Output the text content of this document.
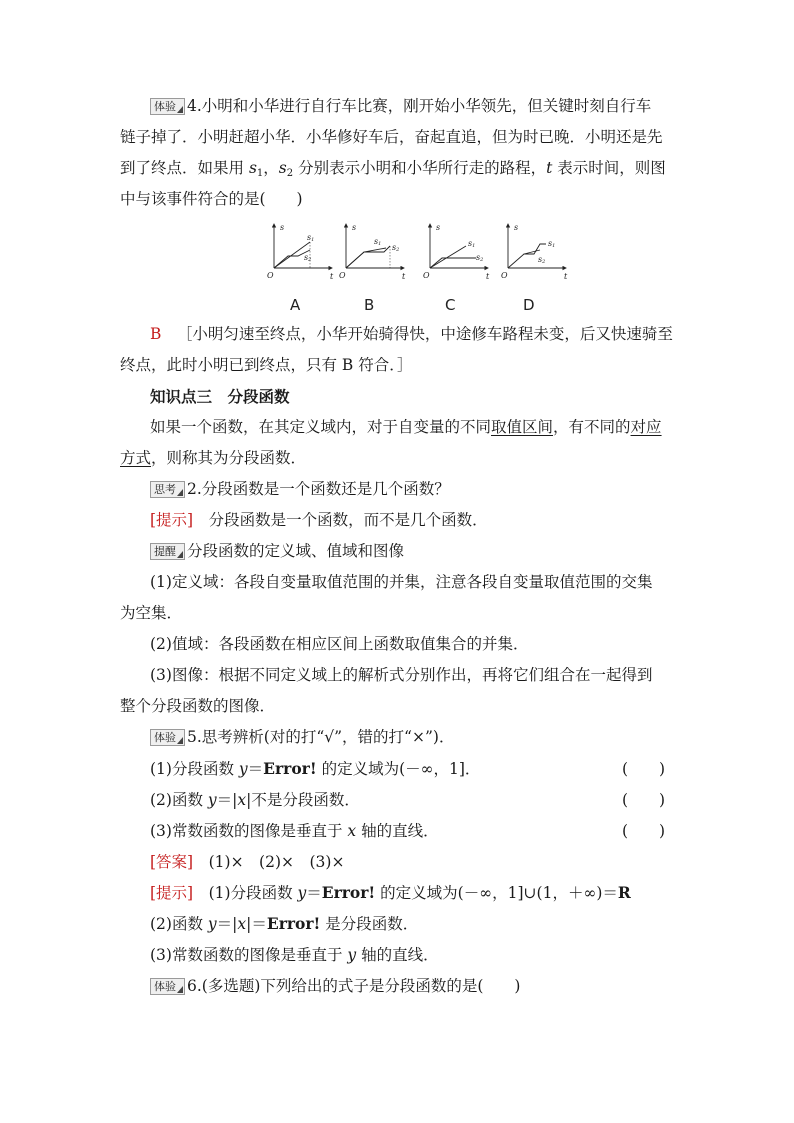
体验 4.小明和小华进行自行车比赛，刚开始小华领先，但关键时刻自行车
链子掉了．小明赶超小华．小华修好车后，奋起直追，但为时已晚．小明还是先
到了终点．如果用 $s_1$，$s_2$ 分别表示小明和小华所行走的路程，t 表示时间，则图
中与该事件符合的是(　　)
O
s
t
s1
s2
O
s
t
s1 s2
O
s
t
s1
s2
O
s
t
s1
s2
A	B	C	D
B  ［小明匀速至终点，小华开始骑得快，中途修车路程未变，后又快速骑至
终点，此时小明已到终点，只有 B 符合．］
知识点三　分段函数
如果一个函数，在其定义域内，对于自变量的不同取值区间，有不同的对应
方式，则称其为分段函数．
思考 2.分段函数是一个函数还是几个函数？
[提示]　分段函数是一个函数，而不是几个函数．
提醒 分段函数的定义域、值域和图像
(1)定义域：各段自变量取值范围的并集，注意各段自变量取值范围的交集
为空集．
(2)值域：各段函数在相应区间上函数取值集合的并集．
(3)图像：根据不同定义域上的解析式分别作出，再将它们组合在一起得到
整个分段函数的图像．
体验 5.思考辨析(对的打“√”，错的打“×”)．
(1)分段函数 y＝Error! 的定义域为(－∞，1]．	(　　)
(2)函数 y＝|x|不是分段函数．	(　　)
(3)常数函数的图像是垂直于 x 轴的直线．	(　　)
[答案]　(1)×　(2)×　(3)×
[提示]　(1)分段函数 y＝Error! 的定义域为(－∞，1]∪(1，＋∞)＝R
(2)函数 y＝|x|＝Error! 是分段函数．
(3)常数函数的图像是垂直于 y 轴的直线．
体验 6.(多选题)下列给出的式子是分段函数的是(　　)
